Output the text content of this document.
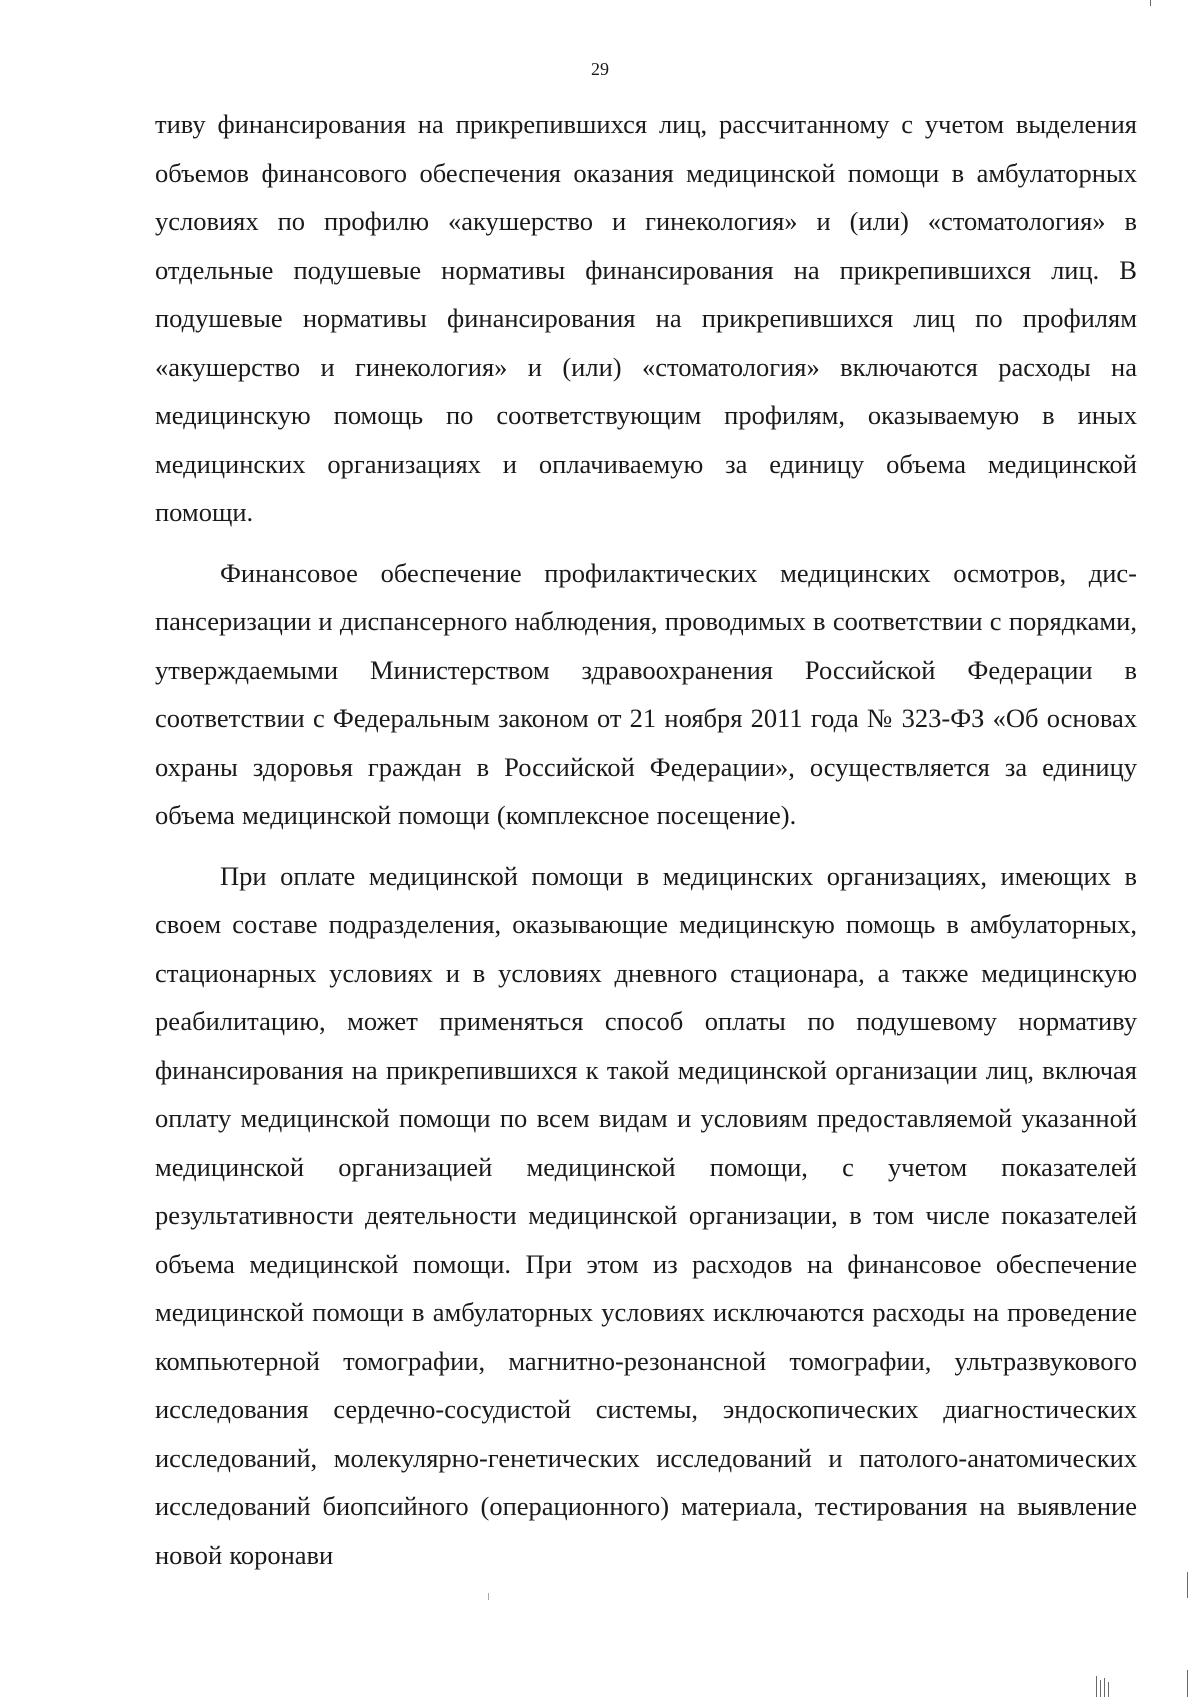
29

тиву финансирования на прикрепившихся лиц, рассчитанному с учетом выделения объемов финансового обеспечения оказания медицинской помощи в амбулаторных условиях по профилю «акушерство и гинекология» и (или) «стоматология» в отдельные подушевые нормативы финансирования на прикрепившихся лиц. В подушевые нормативы финансирования на прикрепившихся лиц по профилям «акушерство и гинекология» и (или) «стоматология» включаются расходы на медицинскую помощь по соответствующим профилям, оказываемую в иных медицинских организациях и оплачиваемую за единицу объема медицинской помощи.

Финансовое обеспечение профилактических медицинских осмотров, диспансеризации и диспансерного наблюдения, проводимых в соответствии с порядками, утверждаемыми Министерством здравоохранения Российской Федерации в соответствии с Федеральным законом от 21 ноября 2011 года № 323-ФЗ «Об основах охраны здоровья граждан в Российской Федерации», осуществляется за единицу объема медицинской помощи (комплексное посещение).

При оплате медицинской помощи в медицинских организациях, имеющих в своем составе подразделения, оказывающие медицинскую помощь в амбулаторных, стационарных условиях и в условиях дневного стационара, а также медицинскую реабилитацию, может применяться способ оплаты по подушевому нормативу финансирования на прикрепившихся к такой медицинской организации лиц, включая оплату медицинской помощи по всем видам и условиям предоставляемой указанной медицинской организацией медицинской помощи, с учетом показателей результативности деятельности медицинской организации, в том числе показателей объема медицинской помощи. При этом из расходов на финансовое обеспечение медицинской помощи в амбулаторных условиях исключаются расходы на проведение компьютерной томографии, магнитно-резонансной томографии, ультразвукового исследования сердечно-сосудистой системы, эндоскопических диагностических исследований, молекулярно-генетических исследований и патолого-анатомических исследований биопсийного (операционного) материала, тестирования на выявление новой коронави
